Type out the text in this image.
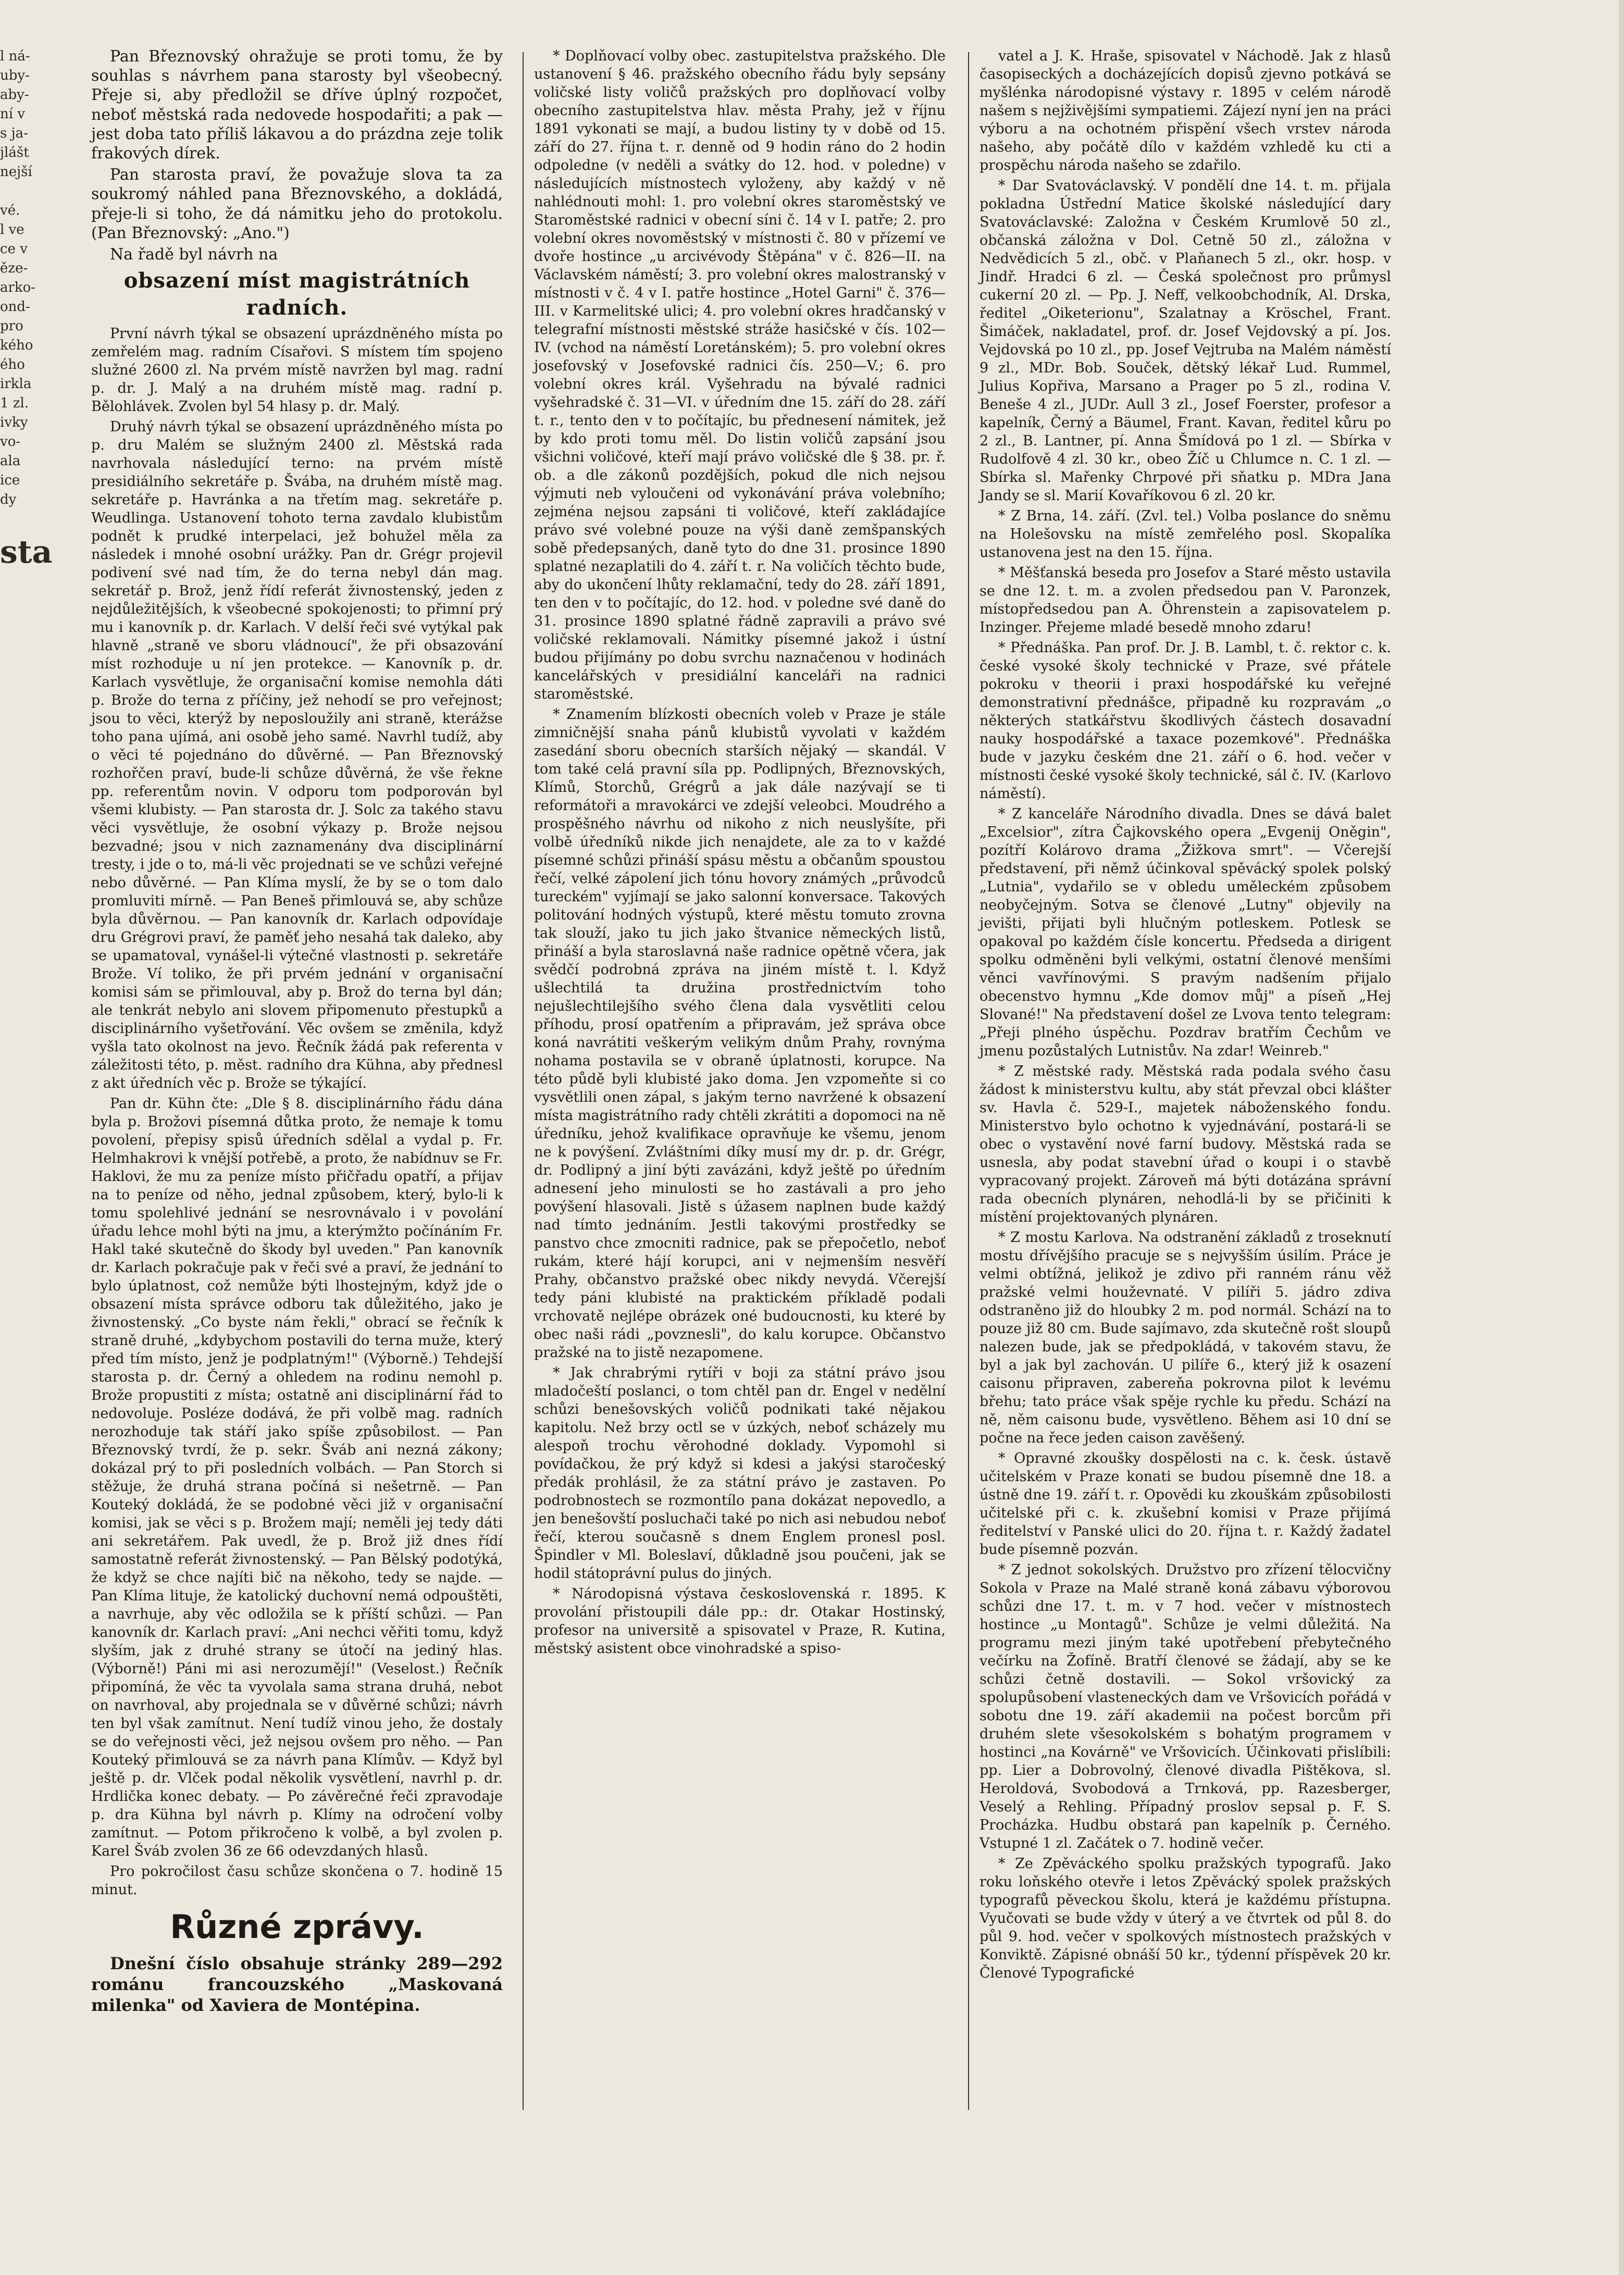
l ná-
uby-
aby-
ní v
s ja-
jlášt
nejší

vé.
l ve
ce v
ěze-
arko-
ond-
pro
kého
ého
irkla
1 zl.
ivky
vo-
ala
ice
dy

sta

Pan Březnovský ohražuje se proti tomu, že by souhlas s návrhem pana starosty byl všeobecný. Přeje si, aby předložil se dříve úplný rozpočet, neboť městská rada nedovede hospodařiti; a pak — jest doba tato příliš lákavou a do prázdna zeje tolik frakových dírek.

Pan starosta praví, že považuje slova ta za soukromý náhled pana Březnovského, a dokládá, přeje-li si toho, že dá námitku jeho do protokolu. (Pan Březnovský: „Ano.")

Na řadě byl návrh na

obsazení míst magistrátních radních.

První návrh týkal se obsazení uprázdněného místa po zemřelém mag. radním Císařovi. S místem tím spojeno služné 2600 zl. Na prvém místě navržen byl mag. radní p. dr. J. Malý a na druhém místě mag. radní p. Bělohlávek. Zvolen byl 54 hlasy p. dr. Malý.

Druhý návrh týkal se obsazení uprázdněného místa po p. dru Malém se služným 2400 zl. Městská rada navrhovala následující terno: na prvém místě presidiálního sekretáře p. Švába, na druhém místě mag. sekretáře p. Havránka a na třetím mag. sekretáře p. Weudlinga. Ustanovení tohoto terna zavdalo klubistům podnět k prudké interpelaci, jež bohužel měla za následek i mnohé osobní urážky. Pan dr. Grégr projevil podivení své nad tím, že do terna nebyl dán mag. sekretář p. Brož, jenž řídí referát živnostenský, jeden z nejdůležitějších, k všeobecné spokojenosti; to přimní prý mu i kanovník p. dr. Karlach. V delší řeči své vytýkal pak hlavně „straně ve sboru vládnoucí", že při obsazování míst rozhoduje u ní jen protekce. — Kanovník p. dr. Karlach vysvětluje, že organisační komise nemohla dáti p. Brože do terna z příčiny, jež nehodí se pro veřejnost; jsou to věci, kterýž by neposloužily ani straně, kterážse toho pana ujímá, ani osobě jeho samé. Navrhl tudíž, aby o věci té pojednáno do důvěrné. — Pan Březnovský rozhořčen praví, bude-li schůze důvěrná, že vše řekne pp. referentům novin. V odporu tom podporován byl všemi klubisty. — Pan starosta dr. J. Solc za takého stavu věci vysvětluje, že osobní výkazy p. Brože nejsou bezvadné; jsou v nich zaznamenány dva disciplinární tresty, i jde o to, má-li věc projednati se ve schůzi veřejné nebo důvěrné. — Pan Klíma myslí, že by se o tom dalo promluviti mírně. — Pan Beneš přimlouvá se, aby schůze byla důvěrnou. — Pan kanovník dr. Karlach odpovídaje dru Grégrovi praví, že paměť jeho nesahá tak daleko, aby se upamatoval, vynášel-li výtečné vlastnosti p. sekretáře Brože. Ví toliko, že při prvém jednání v organisační komisi sám se přimlouval, aby p. Brož do terna byl dán; ale tenkrát nebylo ani slovem připomenuto přestupků a disciplinárního vyšetřování. Věc ovšem se změnila, když vyšla tato okolnost na jevo. Řečník žádá pak referenta v záležitosti této, p. měst. radního dra Kühna, aby přednesl z akt úředních věc p. Brože se týkající.

Pan dr. Kühn čte: „Dle § 8. disciplinárního řádu dána byla p. Brožovi písemná důtka proto, že nemaje k tomu povolení, přepisy spisů úředních sdělal a vydal p. Fr. Helmhakrovi k vnější potřebě, a proto, že nabídnuv se Fr. Haklovi, že mu za peníze místo přičřadu opatří, a přijav na to peníze od něho, jednal způsobem, který, bylo-li k tomu spolehlivé jednání se nesrovnávalo i v povolání úřadu lehce mohl býti na jmu, a kterýmžto počínáním Fr. Hakl také skutečně do škody byl uveden." Pan kanovník dr. Karlach pokračuje pak v řeči své a praví, že jednání to bylo úplatnost, což nemůže býti lhostejným, když jde o obsazení místa správce odboru tak důležitého, jako je živnostenský. „Co byste nám řekli," obrací se řečník k straně druhé, „kdybychom postavili do terna muže, který před tím místo, jenž je podplatným!" (Výborně.) Tehdejší starosta p. dr. Černý a ohledem na rodinu nemohl p. Brože propustiti z místa; ostatně ani disciplinární řád to nedovoluje. Posléze dodává, že při volbě mag. radních nerozhoduje tak stáří jako spíše způsobilost. — Pan Březnovský tvrdí, že p. sekr. Šváb ani nezná zákony; dokázal prý to při posledních volbách. — Pan Storch si stěžuje, že druhá strana počíná si nešetrně. — Pan Kouteký dokládá, že se podobné věci již v organisační komisi, jak se věci s p. Brožem mají; neměli jej tedy dáti ani sekretářem. Pak uvedl, že p. Brož již dnes řídí samostatně referát živnostenský. — Pan Bělský podotýká, že když se chce najíti bič na někoho, tedy se najde. — Pan Klíma lituje, že katolický duchovní nemá odpouštěti, a navrhuje, aby věc odložila se k příští schůzi. — Pan kanovník dr. Karlach praví: „Ani nechci věřiti tomu, když slyším, jak z druhé strany se útočí na jediný hlas. (Výborně!) Páni mi asi nerozumějí!" (Veselost.) Řečník připomíná, že věc ta vyvolala sama strana druhá, nebot on navrhoval, aby projednala se v důvěrné schůzi; návrh ten byl však zamítnut. Není tudíž vinou jeho, že dostaly se do veřejnosti věci, jež nejsou ovšem pro něho. — Pan Kouteký přimlouvá se za návrh pana Klímův. — Když byl ještě p. dr. Vlček podal několik vysvětlení, navrhl p. dr. Hrdlička konec debaty. — Po závěrečné řeči zpravodaje p. dra Kühna byl návrh p. Klímy na odročení volby zamítnut. — Potom přikročeno k volbě, a byl zvolen p. Karel Šváb zvolen 36 ze 66 odevzdaných hlasů.

Pro pokročilost času schůze skončena o 7. hodině 15 minut.

Různé zprávy.

Dnešní číslo obsahuje stránky 289—292 románu francouzského „Maskovaná milenka" od Xaviera de Montépina.

* Doplňovací volby obec. zastupitelstva pražského. Dle ustanovení § 46. pražského obecního řádu byly sepsány voličské listy voličů pražských pro doplňovací volby obecního zastupitelstva hlav. města Prahy, jež v říjnu 1891 vykonati se mají, a budou listiny ty v době od 15. září do 27. října t. r. denně od 9 hodin ráno do 2 hodin odpoledne (v neděli a svátky do 12. hod. v poledne) v následujících místnostech vyloženy, aby každý v ně nahlédnouti mohl: 1. pro volební okres staroměstský ve Staroměstské radnici v obecní síni č. 14 v I. patře; 2. pro volební okres novoměstský v místnosti č. 80 v přízemí ve dvoře hostince „u arcivévody Štěpána" v č. 826—II. na Václavském náměstí; 3. pro volební okres malostranský v místnosti v č. 4 v I. patře hostince „Hotel Garni" č. 376—III. v Karmelitské ulici; 4. pro volební okres hradčanský v telegrafní místnosti městské stráže hasičské v čís. 102—IV. (vchod na náměstí Loretánském); 5. pro volební okres josefovský v Josefovské radnici čís. 250—V.; 6. pro volební okres král. Vyšehradu na bývalé radnici vyšehradské č. 31—VI. v úředním dne 15. září do 28. září t. r., tento den v to počítajíc, bu přednesení námitek, jež by kdo proti tomu měl. Do listin voličů zapsání jsou všichni voličové, kteří mají právo voličské dle § 38. pr. ř. ob. a dle zákonů pozdějších, pokud dle nich nejsou výjmuti neb vyloučeni od vykonávání práva volebního; zejména nejsou zapsáni ti voličové, kteří zakládajíce právo své volebné pouze na výši daně zemšpanských sobě předepsaných, daně tyto do dne 31. prosince 1890 splatné nezaplatili do 4. září t. r. Na voličích těchto bude, aby do ukončení lhůty reklamační, tedy do 28. září 1891, ten den v to počítajíc, do 12. hod. v poledne své daně do 31. prosince 1890 splatné řádně zapravili a právo své voličské reklamovali. Námitky písemné jakož i ústní budou přijímány po dobu svrchu naznačenou v hodinách kancelářských v presidiální kanceláři na radnici staroměstské.

* Znamením blízkosti obecních voleb v Praze je stále zimničnější snaha pánů klubistů vyvolati v každém zasedání sboru obecních starších nějaký — skandál. V tom také celá pravní síla pp. Podlipných, Březnovských, Klímů, Storchů, Grégrů a jak dále nazývají se ti reformátoři a mravokárci ve zdejší veleobci. Moudrého a prospěšného návrhu od nikoho z nich neuslyšíte, při volbě úředníků nikde jich nenajdete, ale za to v každé písemné schůzi přináší spásu městu a občanům spoustou řečí, velké zápolení jich tónu hovory známých „průvodců tureckém" vyjímají se jako salonní konversace. Takových politování hodných výstupů, které městu tomuto zrovna tak slouží, jako tu jich jako štvanice německých listů, přináší a byla staroslavná naše radnice opětně včera, jak svědčí podrobná zpráva na jiném místě t. l. Když ušlechtilá ta družina prostřednictvím toho nejušlechtilejšího svého člena dala vysvětliti celou příhodu, prosí opatřením a připravám, jež správa obce koná navrátiti veškerým velikým dnům Prahy, rovnýma nohama postavila se v obraně úplatnosti, korupce. Na této půdě byli klubisté jako doma. Jen vzpomeňte si co vysvětlili onen zápal, s jakým terno navržené k obsazení místa magistrátního rady chtěli zkrátiti a dopomoci na ně úředníku, jehož kvalifikace opravňuje ke všemu, jenom ne k povýšení. Zvláštními díky musí my dr. p. dr. Grégr, dr. Podlipný a jiní býti zavázáni, když ještě po úředním adnesení jeho minulosti se ho zastávali a pro jeho povýšení hlasovali. Jistě s úžasem naplnen bude každý nad tímto jednáním. Jestli takovými prostředky se panstvo chce zmocniti radnice, pak se přepočetlo, neboť rukám, které hájí korupci, ani v nejmenším nesvěří Prahy, občanstvo pražské obec nikdy nevydá. Včerejší tedy páni klubisté na praktickém příkladě podali vrchovatě nejlépe obrázek oné budoucnosti, ku které by obec naši rádi „povznesli", do kalu korupce. Občanstvo pražské na to jistě nezapomene.

* Jak chrabrými rytíři v boji za státní právo jsou mladočeští poslanci, o tom chtěl pan dr. Engel v nedělní schůzi benešovských voličů podnikati také nějakou kapitolu. Než brzy octl se v úzkých, neboť scházely mu alespoň trochu věrohodné doklady. Vypomohl si povídačkou, že prý když si kdesi a jakýsi staročeský předák prohlásil, že za státní právo je zastaven. Po podrobnostech se rozmontílo pana dokázat nepovedlo, a jen benešovští posluchači také po nich asi nebudou neboť řečí, kterou současně s dnem Englem pronesl posl. Špindler v Ml. Boleslaví, důkladně jsou poučeni, jak se hodil státoprávní pulus do jiných.

* Národopisná výstava československá r. 1895. K provolání přistoupili dále pp.: dr. Otakar Hostinský, profesor na universitě a spisovatel v Praze, R. Kutina, městský asistent obce vinohradské a spiso-

vatel a J. K. Hraše, spisovatel v Náchodě. Jak z hlasů časopiseckých a docházejících dopisů zjevno potkává se myšlénka národopisné výstavy r. 1895 v celém národě našem s nejživějšími sympatiemi. Zájezí nyní jen na práci výboru a na ochotném přispění všech vrstev národa našeho, aby počátě dílo v každém vzhledě ku cti a prospěchu národa našeho se zdařilo.

* Dar Svatováclavský. V pondělí dne 14. t. m. přijala pokladna Ústřední Matice školské následující dary Svatováclavské: Založna v Českém Krumlově 50 zl., občanská záložna v Dol. Cetně 50 zl., záložna v Nedvědicích 5 zl., obč. v Plaňanech 5 zl., okr. hosp. v Jindř. Hradci 6 zl. — Česká společnost pro průmysl cukerní 20 zl. — Pp. J. Neff, velkoobchodník, Al. Drska, ředitel „Oiketerionu", Szalatnay a Kröschel, Frant. Šimáček, nakladatel, prof. dr. Josef Vejdovský a pí. Jos. Vejdovská po 10 zl., pp. Josef Vejtruba na Malém náměstí 9 zl., MDr. Bob. Souček, dětský lékař Lud. Rummel, Julius Kopřiva, Marsano a Prager po 5 zl., rodina V. Beneše 4 zl., JUDr. Aull 3 zl., Josef Foerster, profesor a kapelník, Černý a Bäumel, Frant. Kavan, ředitel kůru po 2 zl., B. Lantner, pí. Anna Šmídová po 1 zl. — Sbírka v Rudolfově 4 zl. 30 kr., obeo Žíč u Chlumce n. C. 1 zl. — Sbírka sl. Mařenky Chrpové při sňatku p. MDra Jana Jandy se sl. Marií Kovaříkovou 6 zl. 20 kr.

* Z Brna, 14. září. (Zvl. tel.) Volba poslance do sněmu na Holešovsku na místě zemřelého posl. Skopalíka ustanovena jest na den 15. října.

* Měšťanská beseda pro Josefov a Staré město ustavila se dne 12. t. m. a zvolen předsedou pan V. Paronzek, místopředsedou pan A. Öhrenstein a zapisovatelem p. Inzinger. Přejeme mladé besedě mnoho zdaru!

* Přednáška. Pan prof. Dr. J. B. Lambl, t. č. rektor c. k. české vysoké školy technické v Praze, své přátele pokroku v theorii i praxi hospodářské ku veřejné demonstrativní přednášce, připadně ku rozpravám „o některých statkářstvu škodlivých částech dosavadní nauky hospodářské a taxace pozemkové". Přednáška bude v jazyku českém dne 21. září o 6. hod. večer v místnosti české vysoké školy technické, sál č. IV. (Karlovo náměstí).

* Z kanceláře Národního divadla. Dnes se dává balet „Excelsior", zítra Čajkovského opera „Evgenij Oněgin", pozítří Kolárovo drama „Žižkova smrt". — Včerejší představení, při němž účinkoval spěvácký spolek polský „Lutnia", vydařilo se v obledu uměleckém způsobem neobyčejným. Sotva se členové „Lutny" objevily na jevišti, přijati byli hlučným potleskem. Potlesk se opakoval po každém čísle koncertu. Předseda a dirigent spolku odměněni byli velkými, ostatní členové menšími věnci vavřínovými. S pravým nadšením přijalo obecenstvo hymnu „Kde domov můj" a píseň „Hej Slované!" Na představení došel ze Lvova tento telegram: „Přeji plného úspěchu. Pozdrav bratřím Čechům ve jmenu pozůstalých Lutnistův. Na zdar! Weinreb."

* Z městské rady. Městská rada podala svého času žádost k ministerstvu kultu, aby stát převzal obci klášter sv. Havla č. 529-I., majetek náboženského fondu. Ministerstvo bylo ochotno k vyjednávání, postará-li se obec o vystavění nové farní budovy. Městská rada se usnesla, aby podat stavební úřad o koupi i o stavbě vypracovaný projekt. Zároveň má býti dotázána správní rada obecních plynáren, nehodlá-li by se přičiniti k místění projektovaných plynáren.

* Z mostu Karlova. Na odstranění základů z troseknutí mostu dřívějšího pracuje se s nejvyšším úsilím. Práce je velmi obtížná, jelikož je zdivo při ranném ránu věž pražské velmi houževnaté. V pilíři 5. jádro zdiva odstraněno již do hloubky 2 m. pod normál. Schází na to pouze již 80 cm. Bude sajímavo, zda skutečně rošt sloupů nalezen bude, jak se předpokládá, v takovém stavu, že byl a jak byl zachován. U pilíře 6., který již k osazení caisonu připraven, zabereňa pokrovna pilot k levému břehu; tato práce však spěje rychle ku předu. Schází na ně, něm caisonu bude, vysvětleno. Během asi 10 dní se počne na řece jeden caison zavěšený.

* Opravné zkoušky dospělosti na c. k. česk. ústavě učitelském v Praze konati se budou písemně dne 18. a ústně dne 19. září t. r. Opovědi ku zkouškám způsobilosti učitelské při c. k. zkušební komisi v Praze přijímá ředitelství v Panské ulici do 20. října t. r. Každý žadatel bude písemně pozván.

* Z jednot sokolských. Družstvo pro zřízení tělocvičny Sokola v Praze na Malé straně koná zábavu výborovou schůzi dne 17. t. m. v 7 hod. večer v místnostech hostince „u Montagů". Schůze je velmi důležitá. Na programu mezi jiným také upotřebení přebytečného večírku na Žofíně. Bratří členové se žádají, aby se ke schůzi četně dostavili. — Sokol vršovický za spolupůsobení vlasteneckých dam ve Vršovicích pořádá v sobotu dne 19. září akademii na počest borcům při druhém slete všesokolském s bohatým programem v hostinci „na Kovárně" ve Vršovicích. Účinkovati přislíbili: pp. Lier a Dobrovolný, členové divadla Pištěkova, sl. Heroldová, Svobodová a Trnková, pp. Razesberger, Veselý a Rehling. Případný proslov sepsal p. F. S. Procházka. Hudbu obstará pan kapelník p. Černého. Vstupné 1 zl. Začátek o 7. hodině večer.

* Ze Zpěváckého spolku pražských typografů. Jako roku loňského otevře i letos Zpěvácký spolek pražských typografů pěveckou školu, která je každému přístupna. Vyučovati se bude vždy v úterý a ve čtvrtek od půl 8. do půl 9. hod. večer v spolkových místnostech pražských v Konviktě. Zápisné obnáší 50 kr., týdenní příspěvek 20 kr. Členové Typografické
